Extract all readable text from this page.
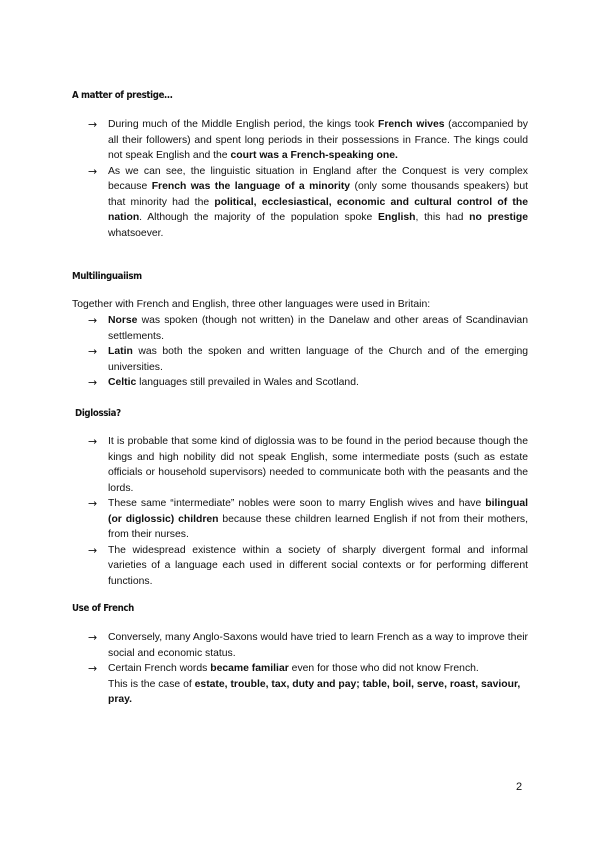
A matter of prestige…
→	During much of the Middle English period, the kings took French wives (accompanied by all their followers) and spent long periods in their possessions in France. The kings could not speak English and the court was a French-speaking one.
→	As we can see, the linguistic situation in England after the Conquest is very complex because French was the language of a minority (only some thousands speakers) but that minority had the political, ecclesiastical, economic and cultural control of the nation. Although the majority of the population spoke English, this had no prestige whatsoever.
Multilinguaiism
Together with French and English, three other languages were used in Britain:
→	Norse was spoken (though not written) in the Danelaw and other areas of Scandinavian settlements.
→	Latin was both the spoken and written language of the Church and of the emerging universities.
→	Celtic languages still prevailed in Wales and Scotland.
Diglossia?
→	It is probable that some kind of diglossia was to be found in the period because though the kings and high nobility did not speak English, some intermediate posts (such as estate officials or household supervisors) needed to communicate both with the peasants and the lords.
→	These same “intermediate” nobles were soon to marry English wives and have bilingual (or diglossic) children because these children learned English if not from their mothers, from their nurses.
→	The widespread existence within a society of sharply divergent formal and informal varieties of a language each used in different social contexts or for performing different functions.
Use of French
→	Conversely, many Anglo-Saxons would have tried to learn French as a way to improve their social and economic status.
→	Certain French words became familiar even for those who did not know French.
This is the case of estate, trouble, tax, duty and pay; table, boil, serve, roast, saviour, pray.
2
